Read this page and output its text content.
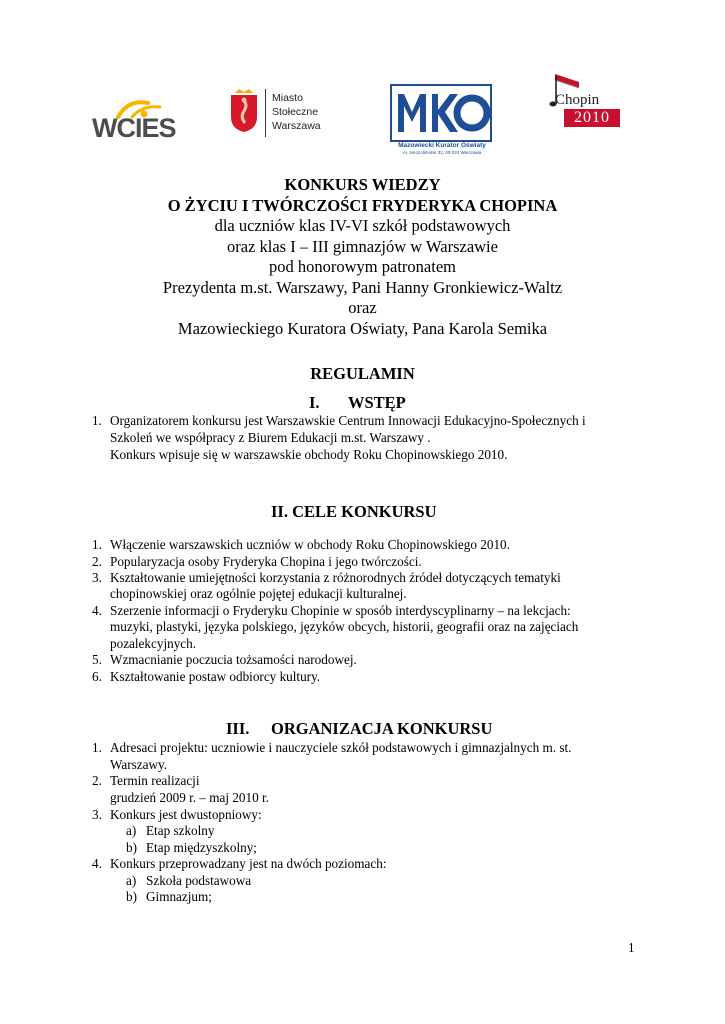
WCIES
Miasto
Stołeczne
Warszawa
Mazowiecki Kurator Oświaty
Al. Jerozolimskie 32, 00-024 Warszawa
Chopin
2010
KONKURS WIEDZY
O ŻYCIU I TWÓRCZOŚCI FRYDERYKA CHOPINA
dla uczniów klas IV-VI szkół podstawowych
oraz klas I – III gimnazjów w Warszawie
pod honorowym patronatem
Prezydenta m.st. Warszawy, Pani Hanny Gronkiewicz-Waltz
oraz
Mazowieckiego Kuratora Oświaty, Pana Karola Semika
REGULAMIN
I. WSTĘP
1. Organizatorem konkursu jest Warszawskie Centrum Innowacji Edukacyjno-Społecznych i
Szkoleń we współpracy z Biurem Edukacji m.st. Warszawy .
Konkurs wpisuje się w warszawskie obchody Roku Chopinowskiego 2010.
II. CELE KONKURSU
1. Włączenie warszawskich uczniów w obchody Roku Chopinowskiego 2010.
2. Popularyzacja osoby Fryderyka Chopina i jego twórczości.
3. Kształtowanie umiejętności korzystania z różnorodnych źródeł dotyczących tematyki
chopinowskiej oraz ogólnie pojętej edukacji kulturalnej.
4. Szerzenie informacji o Fryderyku Chopinie w sposób interdyscyplinarny – na lekcjach:
muzyki, plastyki, języka polskiego, języków obcych, historii, geografii oraz na zajęciach
pozalekcyjnych.
5. Wzmacnianie poczucia tożsamości narodowej.
6. Kształtowanie postaw odbiorcy kultury.
III. ORGANIZACJA KONKURSU
1. Adresaci projektu: uczniowie i nauczyciele szkół podstawowych i gimnazjalnych m. st.
Warszawy.
2. Termin realizacji
grudzień 2009 r. – maj 2010 r.
3. Konkurs jest dwustopniowy:
a) Etap szkolny
b) Etap międzyszkolny;
4. Konkurs przeprowadzany jest na dwóch poziomach:
a) Szkoła podstawowa
b) Gimnazjum;
1
